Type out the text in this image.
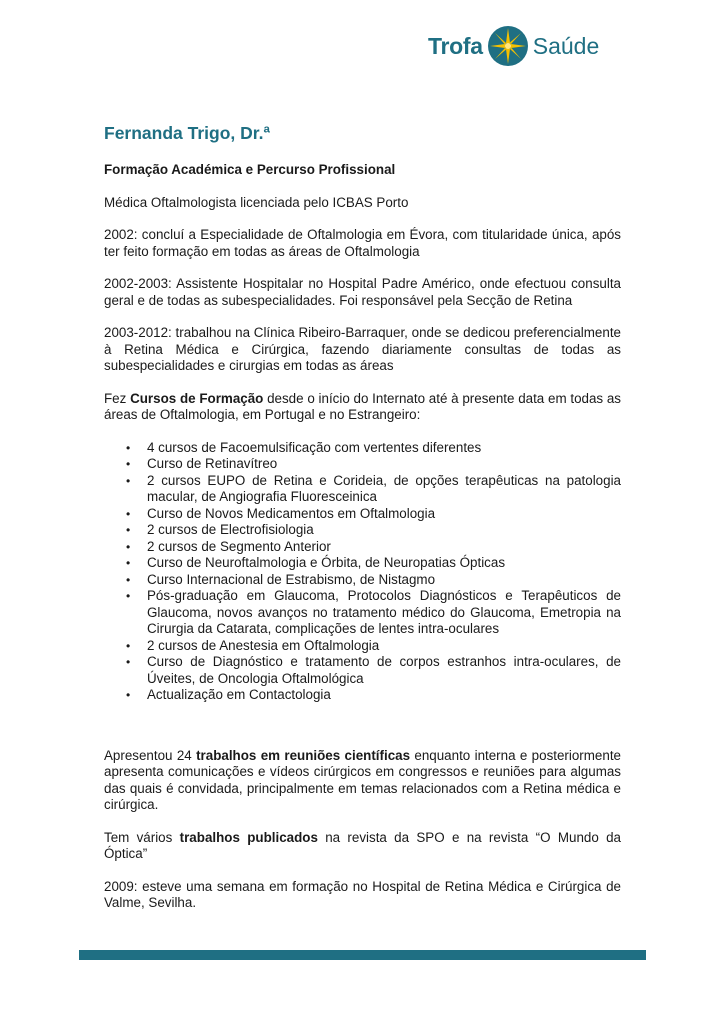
Trofa Saúde
Fernanda Trigo, Dr.ª
Formação Académica e Percurso Profissional

Médica Oftalmologista licenciada pelo ICBAS Porto

2002: concluí a Especialidade de Oftalmologia em Évora, com titularidade única, após ter feito formação em todas as áreas de Oftalmologia

2002-2003: Assistente Hospitalar no Hospital Padre Américo, onde efectuou consulta geral e de todas as subespecialidades. Foi responsável pela Secção de Retina

2003-2012: trabalhou na Clínica Ribeiro-Barraquer, onde se dedicou preferencialmente à Retina Médica e Cirúrgica, fazendo diariamente consultas de todas as subespecialidades e cirurgias em todas as áreas

Fez Cursos de Formação desde o início do Internato até à presente data em todas as áreas de Oftalmologia, em Portugal e no Estrangeiro:

• 4 cursos de Facoemulsificação com vertentes diferentes
• Curso de Retinavítreo
• 2 cursos EUPO de Retina e Corideia, de opções terapêuticas na patologia macular, de Angiografia Fluoresceinica
• Curso de Novos Medicamentos em Oftalmologia
• 2 cursos de Electrofisiologia
• 2 cursos de Segmento Anterior
• Curso de Neuroftalmologia e Órbita, de Neuropatias Ópticas
• Curso Internacional de Estrabismo, de Nistagmo
• Pós-graduação em Glaucoma, Protocolos Diagnósticos e Terapêuticos de Glaucoma, novos avanços no tratamento médico do Glaucoma, Emetropia na Cirurgia da Catarata, complicações de lentes intra-oculares
• 2 cursos de Anestesia em Oftalmologia
• Curso de Diagnóstico e tratamento de corpos estranhos intra-oculares, de Úveites, de Oncologia Oftalmológica
• Actualização em Contactologia

Apresentou 24 trabalhos em reuniões científicas enquanto interna e posteriormente apresenta comunicações e vídeos cirúrgicos em congressos e reuniões para algumas das quais é convidada, principalmente em temas relacionados com a Retina médica e cirúrgica.

Tem vários trabalhos publicados na revista da SPO e na revista “O Mundo da Óptica”

2009: esteve uma semana em formação no Hospital de Retina Médica e Cirúrgica de Valme, Sevilha.
